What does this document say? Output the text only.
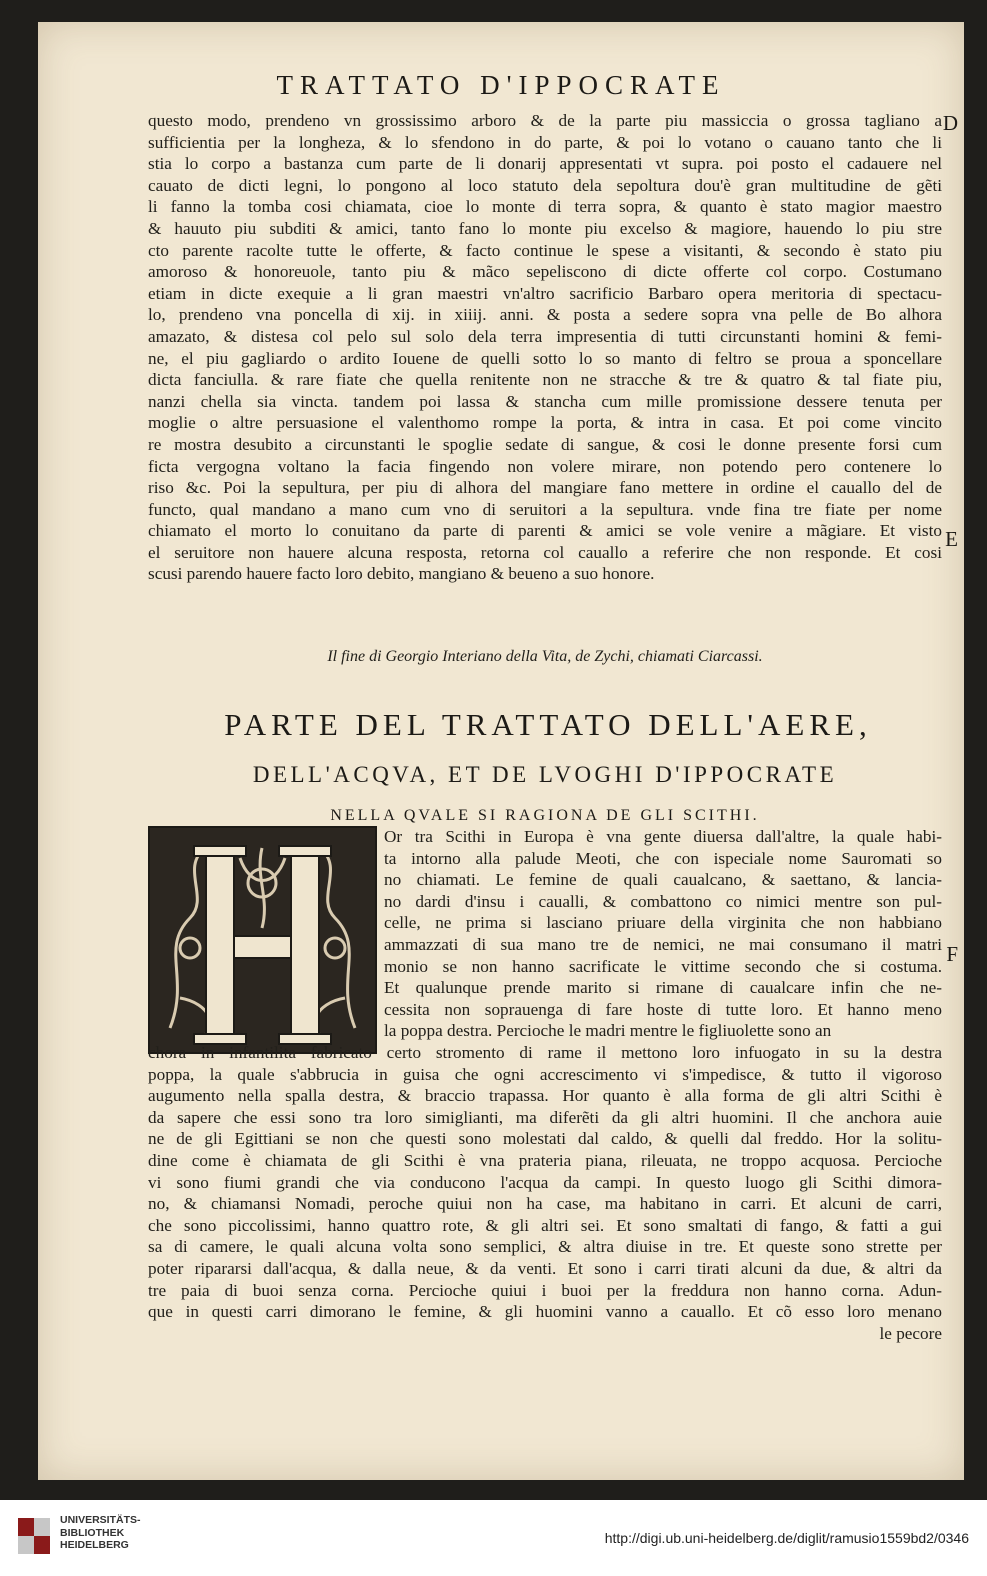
TRATTATO D'IPPOCRATE
D
E
F
questo modo, prendeno vn grossissimo arboro & de la parte piu massiccia o grossa tagliano a
sufficientia per la longheza, & lo sfendono in do parte, & poi lo votano o cauano tanto che li
stia lo corpo a bastanza cum parte de li donarij appresentati vt supra. poi posto el cadauere nel
cauato de dicti legni, lo pongono al loco statuto dela sepoltura dou'è gran multitudine de gẽti
li fanno la tomba cosi chiamata, cioe lo monte di terra sopra, & quanto è stato magior maestro
& hauuto piu subditi & amici, tanto fano lo monte piu excelso & magiore, hauendo lo piu stre
cto parente racolte tutte le offerte, & facto continue le spese a visitanti, & secondo è stato piu
amoroso & honoreuole, tanto piu & mãco sepeliscono di dicte offerte col corpo. Costumano
etiam in dicte exequie a li gran maestri vn'altro sacrificio Barbaro opera meritoria di spectacu-
lo, prendeno vna poncella di xij. in xiiij. anni. & posta a sedere sopra vna pelle de Bo alhora
amazato, & distesa col pelo sul solo dela terra impresentia di tutti circunstanti homini & femi-
ne, el piu gagliardo o ardito Iouene de quelli sotto lo so manto di feltro se proua a sponcellare
dicta fanciulla. & rare fiate che quella renitente non ne stracche & tre & quatro & tal fiate piu,
nanzi chella sia vincta. tandem poi lassa & stancha cum mille promissione dessere tenuta per
moglie o altre persuasione el valenthomo rompe la porta, & intra in casa. Et poi come vincito
re mostra desubito a circunstanti le spoglie sedate di sangue, & cosi le donne presente forsi cum
ficta vergogna voltano la facia fingendo non volere mirare, non potendo pero contenere lo
riso &c. Poi la sepultura, per piu di alhora del mangiare fano mettere in ordine el cauallo del de
functo, qual mandano a mano cum vno di seruitori a la sepultura. vnde fina tre fiate per nome
chiamato el morto lo conuitano da parte di parenti & amici se vole venire a mãgiare. Et visto
el seruitore non hauere alcuna resposta, retorna col cauallo a referire che non responde. Et cosi
scusi parendo hauere facto loro debito, mangiano & beueno a suo honore.
Il fine di Georgio Interiano della Vita, de Zychi, chiamati Ciarcassi.
PARTE DEL TRATTATO DELL'AERE,
DELL'ACQVA, ET DE LVOGHI D'IPPOCRATE
NELLA QVALE SI RAGIONA DE GLI SCITHI.
Or tra Scithi in Europa è vna gente diuersa dall'altre, la quale habi-
ta intorno alla palude Meoti, che con ispeciale nome Sauromati so
no chiamati. Le femine de quali caualcano, & saettano, & lancia-
no dardi d'insu i caualli, & combattono co nimici mentre son pul-
celle, ne prima si lasciano priuare della virginita che non habbiano
ammazzati di sua mano tre de nemici, ne mai consumano il matri
monio se non hanno sacrificate le vittime secondo che si costuma.
Et qualunque prende marito si rimane di caualcare infin che ne-
cessita non soprauenga di fare hoste di tutte loro. Et hanno meno
la poppa destra. Percioche le madri mentre le figliuolette sono an
chora in infantilita fabricato certo stromento di rame il mettono loro infuogato in su la destra
poppa, la quale s'abbrucia in guisa che ogni accrescimento vi s'impedisce, & tutto il vigoroso
augumento nella spalla destra, & braccio trapassa. Hor quanto è alla forma de gli altri Scithi è
da sapere che essi sono tra loro simiglianti, ma diferẽti da gli altri huomini. Il che anchora auie
ne de gli Egittiani se non che questi sono molestati dal caldo, & quelli dal freddo. Hor la solitu-
dine come è chiamata de gli Scithi è vna prateria piana, rileuata, ne troppo acquosa. Percioche
vi sono fiumi grandi che via conducono l'acqua da campi. In questo luogo gli Scithi dimora-
no, & chiamansi Nomadi, peroche quiui non ha case, ma habitano in carri. Et alcuni de carri,
che sono piccolissimi, hanno quattro rote, & gli altri sei. Et sono smaltati di fango, & fatti a gui
sa di camere, le quali alcuna volta sono semplici, & altra diuise in tre. Et queste sono strette per
poter ripararsi dall'acqua, & dalla neue, & da venti. Et sono i carri tirati alcuni da due, & altri da
tre paia di buoi senza corna. Percioche quiui i buoi per la freddura non hanno corna. Adun-
que in questi carri dimorano le femine, & gli huomini vanno a cauallo. Et cõ esso loro menano
le pecore
UNIVERSITÄTS-
BIBLIOTHEK
HEIDELBERG	http://digi.ub.uni-heidelberg.de/diglit/ramusio1559bd2/0346
